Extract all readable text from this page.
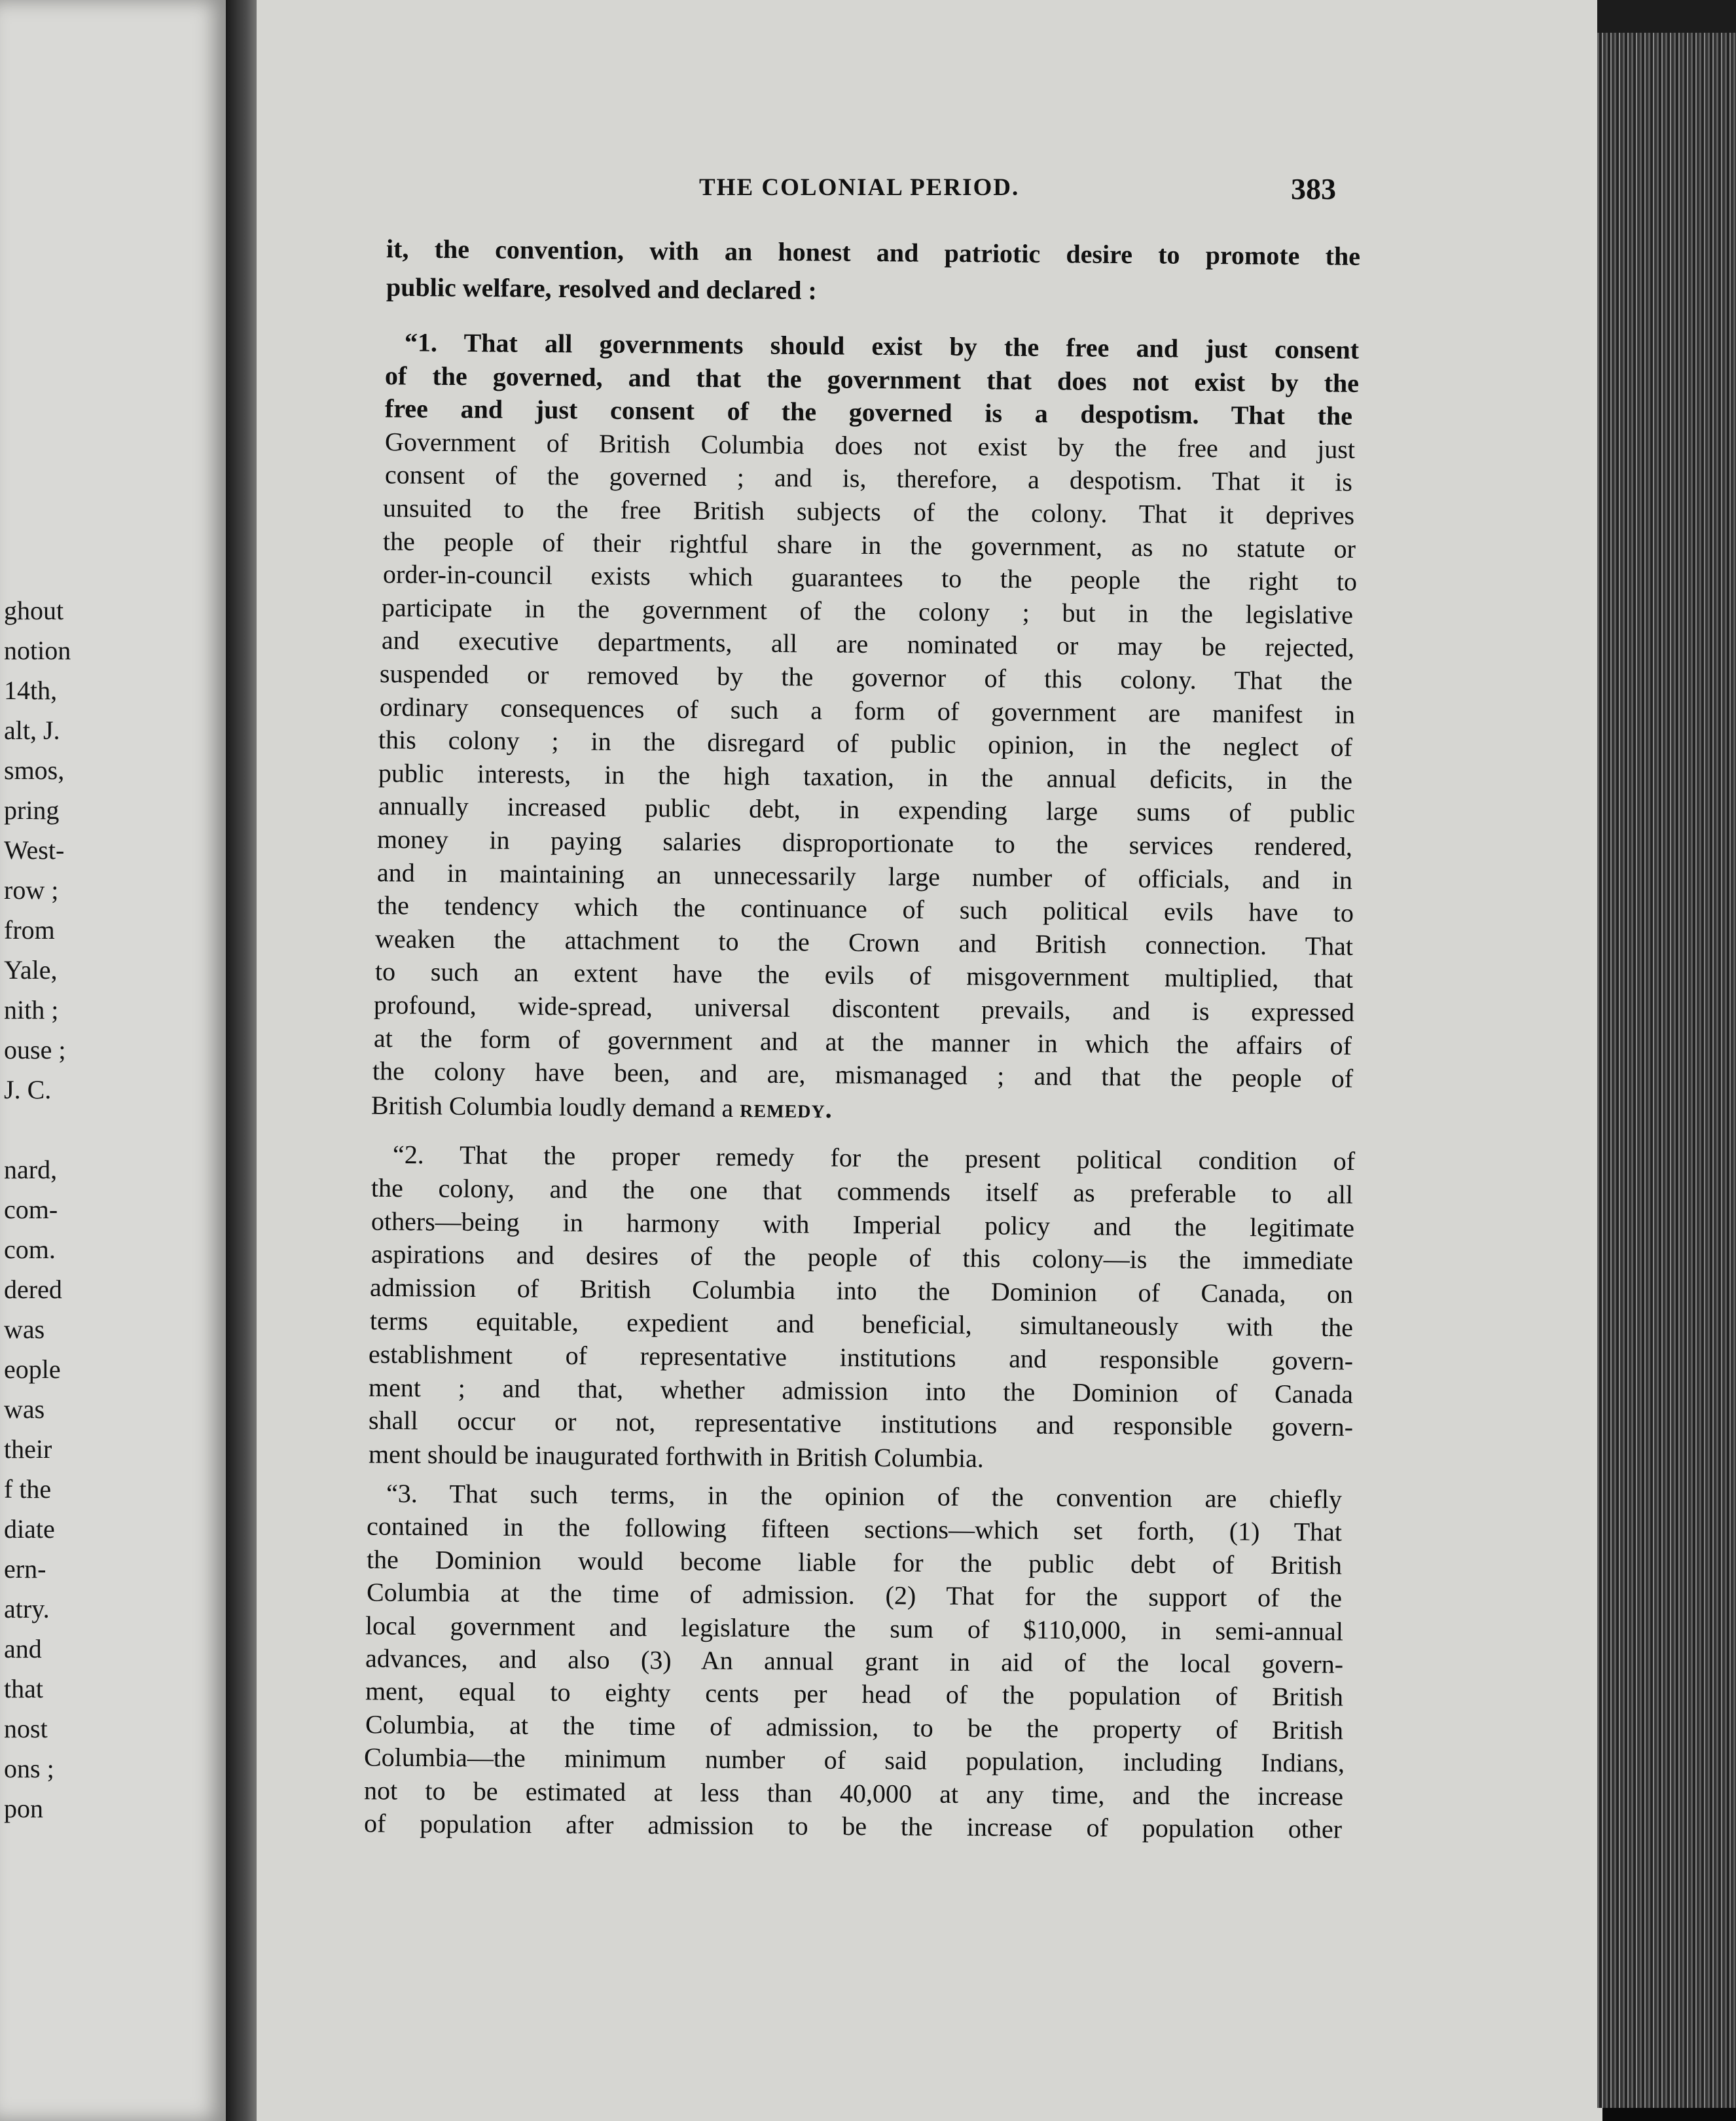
ghout
notion
14th,
alt, J.
smos,
pring
West-
row ;
from
Yale,
nith ;
ouse ;
J. C.
nard,
com-
com.
dered
was
eople
was
their
f the
diate
ern-
atry.
and
that
nost
ons ;
pon
THE COLONIAL PERIOD.	383
it, the convention, with an honest and patriotic desire to promote the
public welfare, resolved and declared :
“1. That all governments should exist by the free and just consent
of the governed, and that the government that does not exist by the
free and just consent of the governed is a despotism. That the
Government of British Columbia does not exist by the free and just
consent of the governed ; and is, therefore, a despotism. That it is
unsuited to the free British subjects of the colony. That it deprives
the people of their rightful share in the government, as no statute or
order-in-council exists which guarantees to the people the right to
participate in the government of the colony ; but in the legislative
and executive departments, all are nominated or may be rejected,
suspended or removed by the governor of this colony. That the
ordinary consequences of such a form of government are manifest in
this colony ; in the disregard of public opinion, in the neglect of
public interests, in the high taxation, in the annual deficits, in the
annually increased public debt, in expending large sums of public
money in paying salaries disproportionate to the services rendered,
and in maintaining an unnecessarily large number of officials, and in
the tendency which the continuance of such political evils have to
weaken the attachment to the Crown and British connection. That
to such an extent have the evils of misgovernment multiplied, that
profound, wide-spread, universal discontent prevails, and is expressed
at the form of government and at the manner in which the affairs of
the colony have been, and are, mismanaged ; and that the people of
British Columbia loudly demand a remedy.
“2. That the proper remedy for the present political condition of
the colony, and the one that commends itself as preferable to all
others—being in harmony with Imperial policy and the legitimate
aspirations and desires of the people of this colony—is the immediate
admission of British Columbia into the Dominion of Canada, on
terms equitable, expedient and beneficial, simultaneously with the
establishment of representative institutions and responsible govern-
ment ; and that, whether admission into the Dominion of Canada
shall occur or not, representative institutions and responsible govern-
ment should be inaugurated forthwith in British Columbia.
“3. That such terms, in the opinion of the convention are chiefly
contained in the following fifteen sections—which set forth, (1) That
the Dominion would become liable for the public debt of British
Columbia at the time of admission. (2) That for the support of the
local government and legislature the sum of $110,000, in semi-annual
advances, and also (3) An annual grant in aid of the local govern-
ment, equal to eighty cents per head of the population of British
Columbia, at the time of admission, to be the property of British
Columbia—the minimum number of said population, including Indians,
not to be estimated at less than 40,000 at any time, and the increase
of population after admission to be the increase of population other
